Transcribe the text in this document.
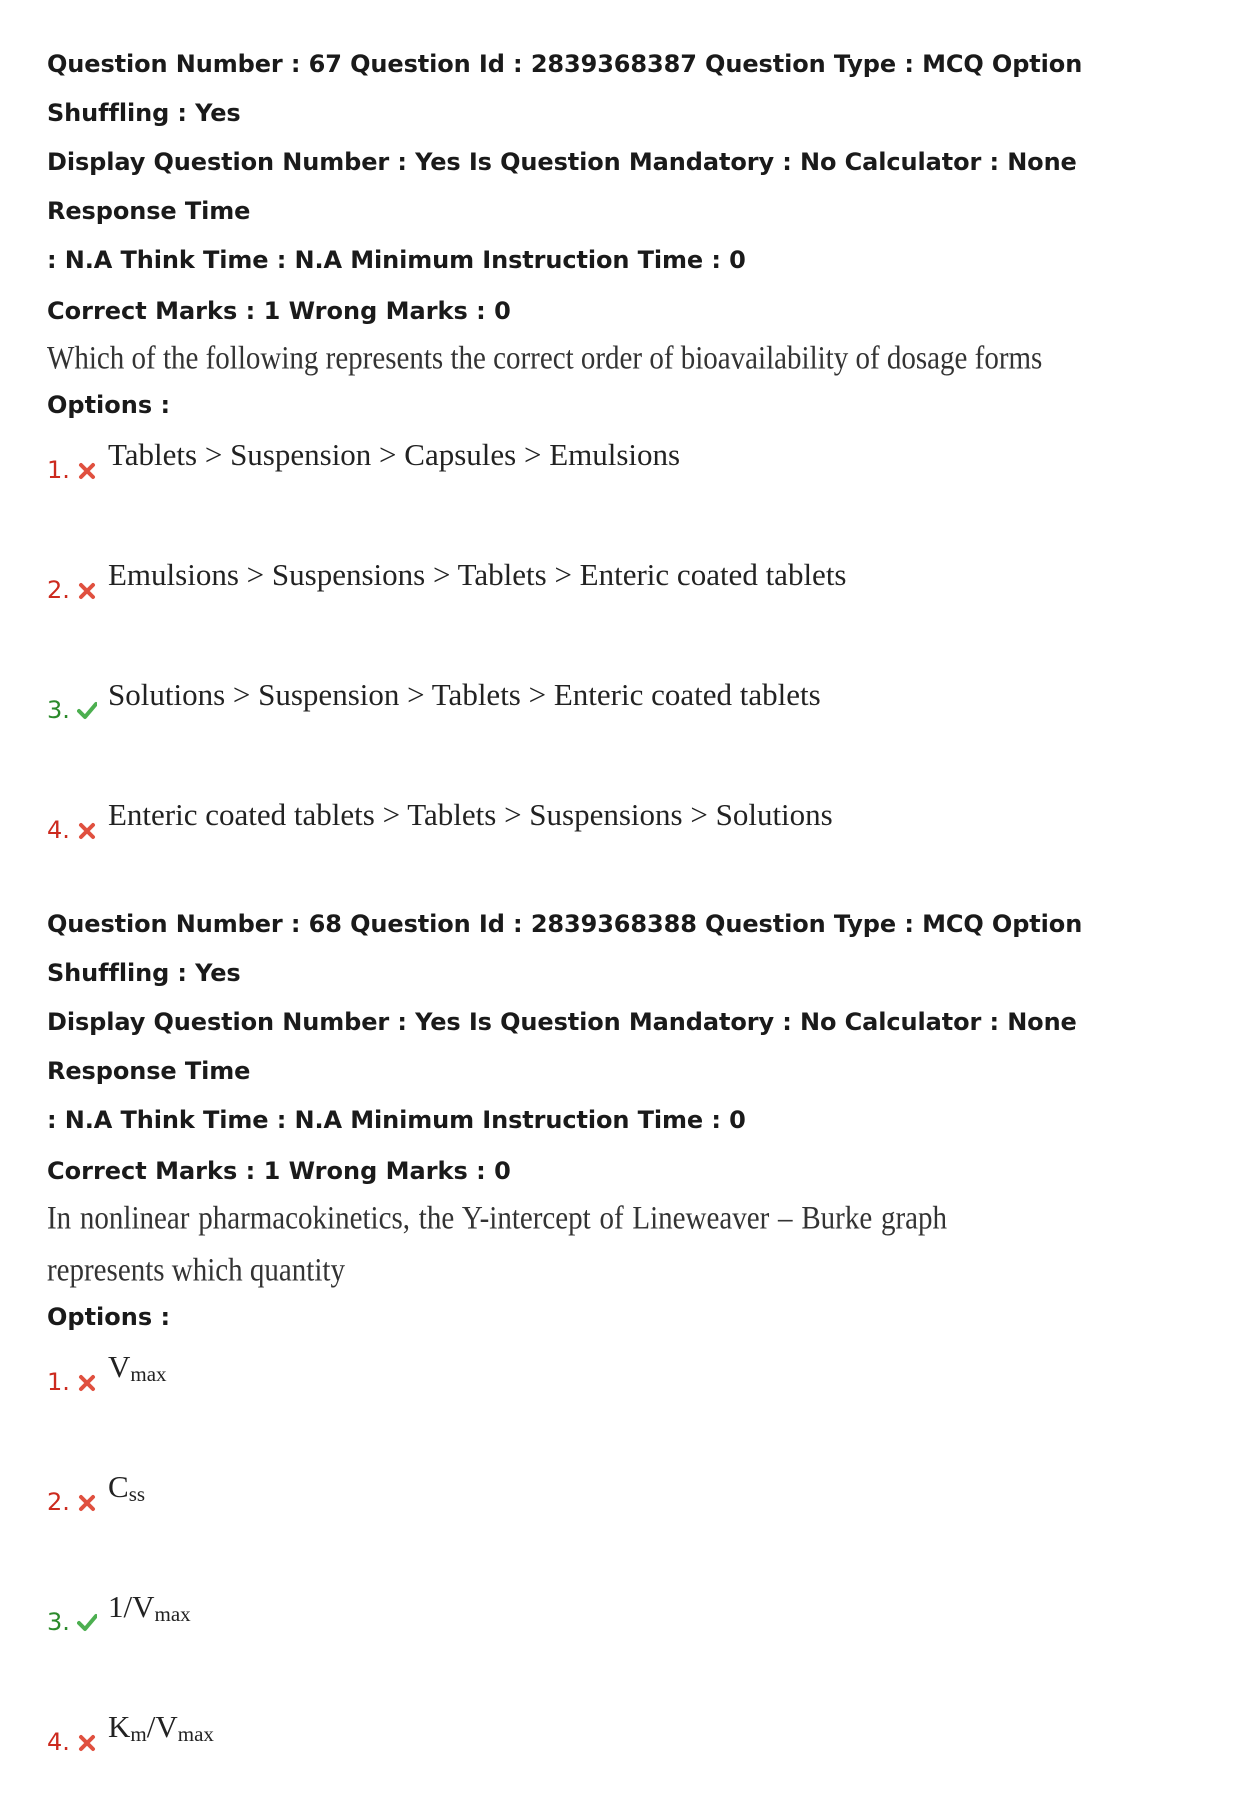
Question Number : 67 Question Id : 2839368387 Question Type : MCQ Option Shuffling : Yes
Display Question Number : Yes Is Question Mandatory : No Calculator : None Response Time
: N.A Think Time : N.A Minimum Instruction Time : 0
Correct Marks : 1 Wrong Marks : 0
Which of the following represents the correct order of bioavailability of dosage forms
Options :
1. Tablets > Suspension > Capsules > Emulsions
2. Emulsions > Suspensions > Tablets > Enteric coated tablets
3. Solutions > Suspension > Tablets > Enteric coated tablets
4. Enteric coated tablets > Tablets > Suspensions > Solutions
Question Number : 68 Question Id : 2839368388 Question Type : MCQ Option Shuffling : Yes
Display Question Number : Yes Is Question Mandatory : No Calculator : None Response Time
: N.A Think Time : N.A Minimum Instruction Time : 0
Correct Marks : 1 Wrong Marks : 0
In nonlinear pharmacokinetics, the Y-intercept of Lineweaver – Burke graph
represents which quantity
Options :
1. Vmax
2. Css
3. 1/Vmax
4. Km/Vmax
